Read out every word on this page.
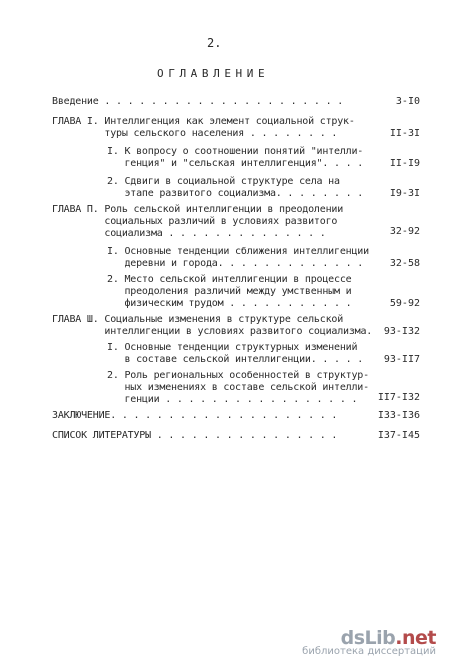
2.
ОГЛАВЛЕНИЕ
Введение . . . . . . . . . . . . . . . . . . . . .	3-I0
ГЛАВА I. Интеллигенция как элемент социальной струк-
туры сельского населения . . . . . . . .	II-3I
I. К вопросу о соотношении понятий "интелли-
генция" и "сельская интеллигенция". . . .	II-I9
2. Сдвиги в социальной структуре села на
этапе развитого социализма. . . . . . . .	I9-3I
ГЛАВА П. Роль сельской интеллигенции в преодолении
социальных различий в условиях развитого
социализма . . . . . . . . . . . . . .	32-92
I. Основные тенденции сближения интеллигенции
деревни и города. . . . . . . . . . . . .	32-58
2. Место сельской интеллигенции в процессе
преодоления различий между умственным и
физическим трудом . . . . . . . . . . .	59-92
ГЛАВА Ш. Социальные изменения в структуре сельской
интеллигенции в условиях развитого социализма. 93-I32
I. Основные тенденции структурных изменений
в составе сельской интеллигенции. . . . . 93-II7
2. Роль региональных особенностей в структур-
ных изменениях в составе сельской интелли-
генции . . . . . . . . . . . . . . . . . II7-I32
ЗАКЛЮЧЕНИЕ. . . . . . . . . . . . . . . . . . . .	I33-I36
СПИСОК ЛИТЕРАТУРЫ . . . . . . . . . . . . . . . .	I37-I45
dsLib.net
библиотека диссертаций
